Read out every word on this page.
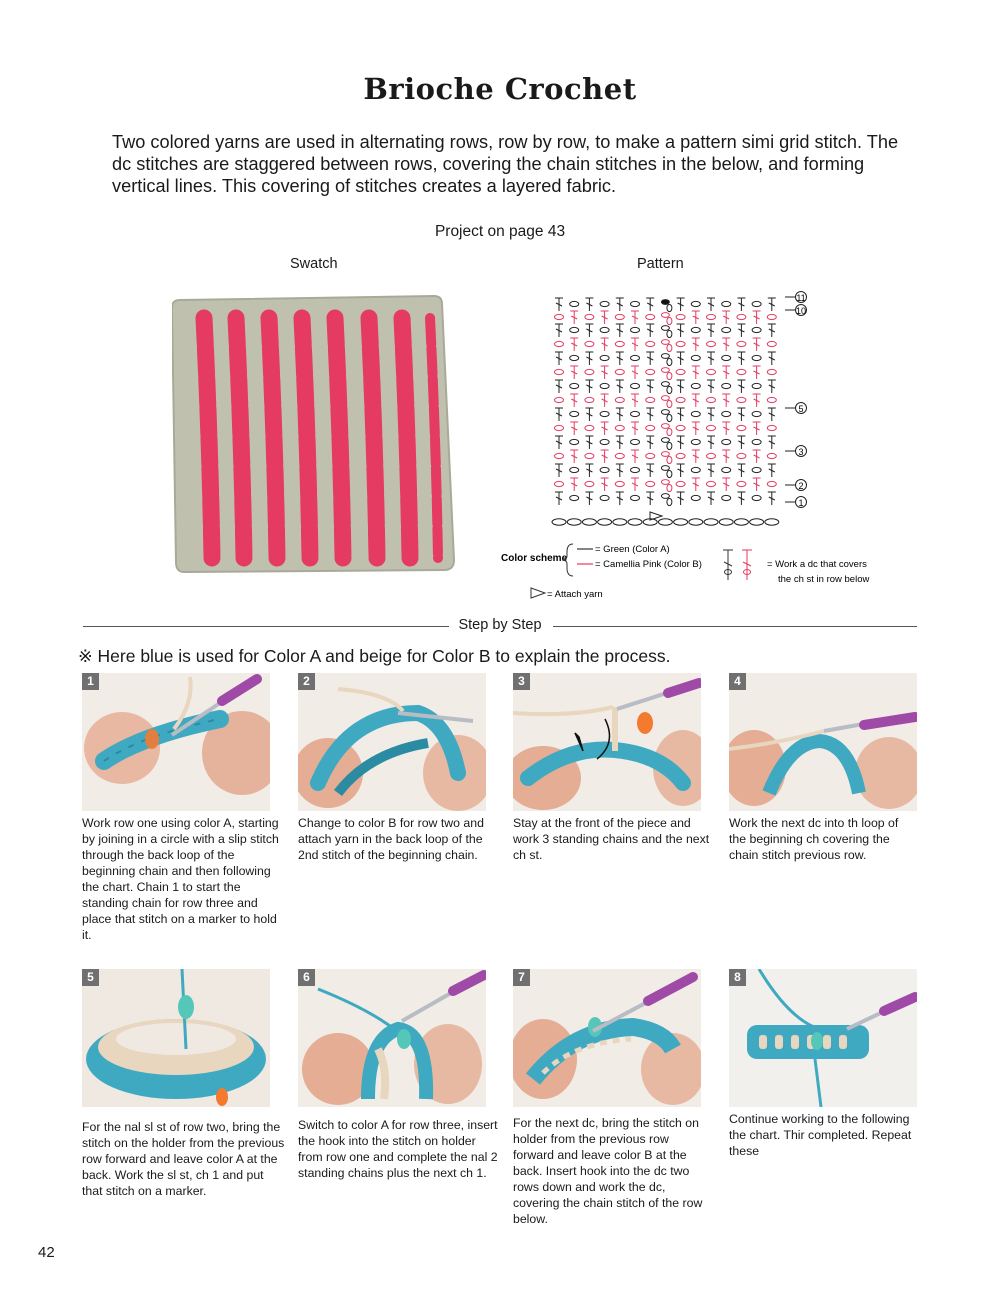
Brioche Crochet
Two colored yarns are used in alternating rows, row by row, to make a pattern simi grid stitch. The dc stitches are staggered between rows, covering the chain stitches in the below, and forming vertical lines. This covering of stitches creates a layered fabric.
Project on page 43
Swatch	Pattern
11
10
5
3
2
1
Color scheme
= Green (Color A)
= Camellia Pink (Color B)
= Attach yarn
= Work a dc that covers
the ch st in row below
Step by Step
※ Here blue is used for Color A and beige for Color B to explain the process.
1
Work row one using color A, starting by joining in a circle with a slip stitch through the back loop of the beginning chain and then following the chart. Chain 1 to start the standing chain for row three and place that stitch on a marker to hold it.
2
Change to color B for row two and attach yarn in the back loop of the 2nd stitch of the beginning chain.
3
Stay at the front of the piece and work 3 standing chains and the next ch st.
4
Work the next dc into th loop of the beginning ch covering the chain stitch previous row.
5
For the nal sl st of row two, bring the stitch on the holder from the previous row forward and leave color A at the back. Work the sl st, ch 1 and put that stitch on a marker.
6
Switch to color A for row three, insert the hook into the stitch on holder from row one and complete the nal 2 standing chains plus the next ch 1.
7
For the next dc, bring the stitch on holder from the previous row forward and leave color B at the back. Insert hook into the dc two rows down and work the dc, covering the chain stitch of the row below.
8
Continue working to the following the chart. Thir completed. Repeat these
42
